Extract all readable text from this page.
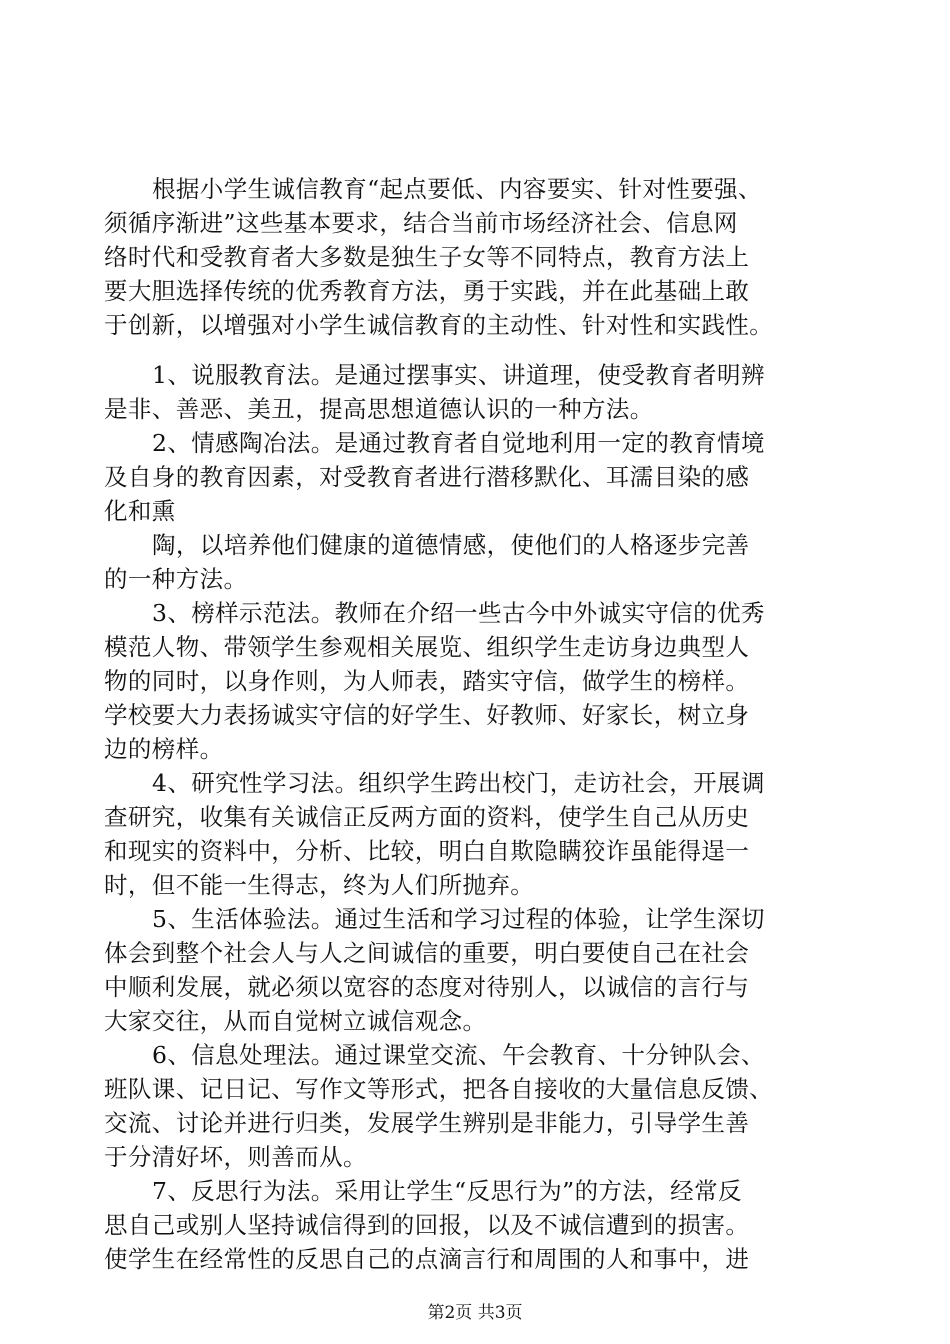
根据小学生诚信教育“起点要低、内容要实、针对性要强、
须循序渐进”这些基本要求，结合当前市场经济社会、信息网
络时代和受教育者大多数是独生子女等不同特点，教育方法上
要大胆选择传统的优秀教育方法，勇于实践，并在此基础上敢
于创新，以增强对小学生诚信教育的主动性、针对性和实践性。
1、说服教育法。是通过摆事实、讲道理，使受教育者明辨
是非、善恶、美丑，提高思想道德认识的一种方法。
2、情感陶冶法。是通过教育者自觉地利用一定的教育情境
及自身的教育因素，对受教育者进行潜移默化、耳濡目染的感
化和熏
陶，以培养他们健康的道德情感，使他们的人格逐步完善
的一种方法。
3、榜样示范法。教师在介绍一些古今中外诚实守信的优秀
模范人物、带领学生参观相关展览、组织学生走访身边典型人
物的同时，以身作则，为人师表，踏实守信，做学生的榜样。
学校要大力表扬诚实守信的好学生、好教师、好家长，树立身
边的榜样。
4、研究性学习法。组织学生跨出校门，走访社会，开展调
查研究，收集有关诚信正反两方面的资料，使学生自己从历史
和现实的资料中，分析、比较，明白自欺隐瞒狡诈虽能得逞一
时，但不能一生得志，终为人们所抛弃。
5、生活体验法。通过生活和学习过程的体验，让学生深切
体会到整个社会人与人之间诚信的重要，明白要使自己在社会
中顺利发展，就必须以宽容的态度对待别人，以诚信的言行与
大家交往，从而自觉树立诚信观念。
6、信息处理法。通过课堂交流、午会教育、十分钟队会、
班队课、记日记、写作文等形式，把各自接收的大量信息反馈、
交流、讨论并进行归类，发展学生辨别是非能力，引导学生善
于分清好坏，则善而从。
7、反思行为法。采用让学生“反思行为”的方法，经常反
思自己或别人坚持诚信得到的回报，以及不诚信遭到的损害。
使学生在经常性的反思自己的点滴言行和周围的人和事中，进
第2页 共3页
